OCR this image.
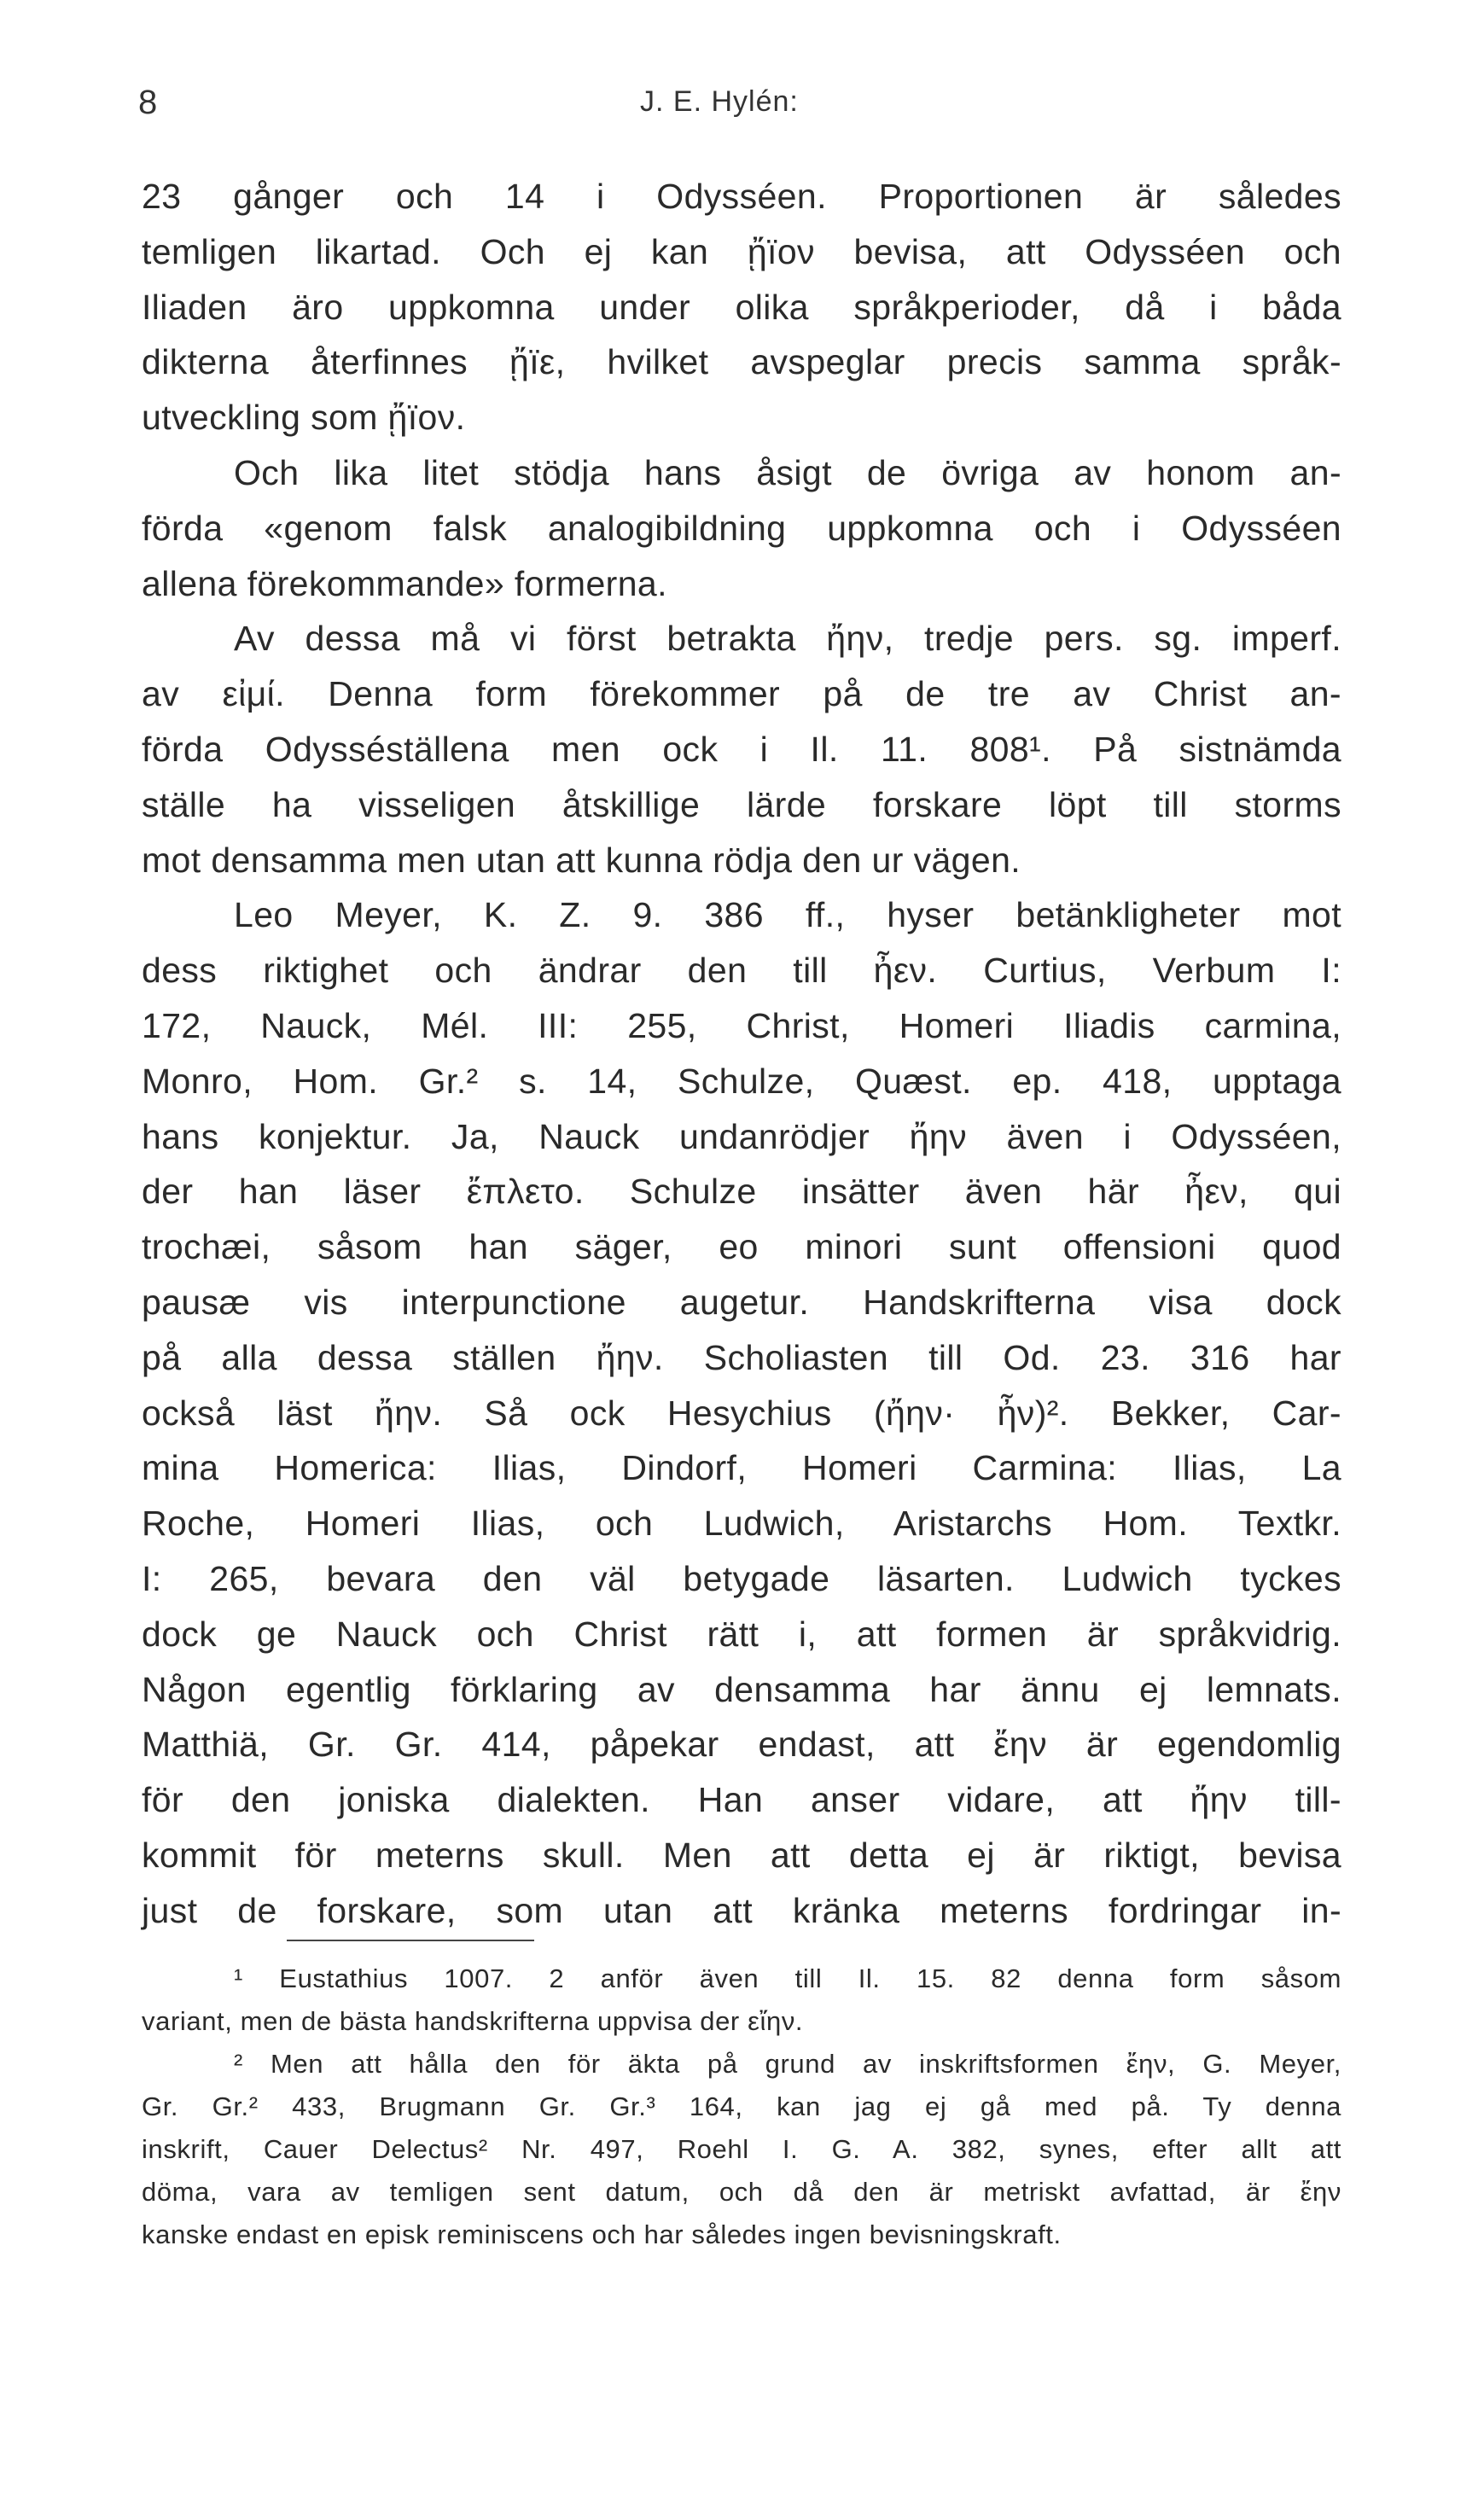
8	J. E. Hylén:
23 gånger och 14 i Odysséen. Proportionen är således
temligen likartad. Och ej kan ᾔïον bevisa, att Odysséen och
Iliaden äro uppkomna under olika språkperioder, då i båda
dikterna återfinnes ᾔïε, hvilket avspeglar precis samma språk-
utveckling som ᾔïον.
Och lika litet stödja hans åsigt de övriga av honom an-
förda «genom falsk analogibildning uppkomna och i Odysséen
allena förekommande» formerna.
Av dessa må vi först betrakta ἤην, tredje pers. sg. imperf.
av εἰμί. Denna form förekommer på de tre av Christ an-
förda Odysséställena men ock i Il. 11. 808¹. På sistnämda
ställe ha visseligen åtskillige lärde forskare löpt till storms
mot densamma men utan att kunna rödja den ur vägen.
Leo Meyer, K. Z. 9. 386 ff., hyser betänkligheter mot
dess riktighet och ändrar den till ἦεν. Curtius, Verbum I:
172, Nauck, Mél. III: 255, Christ, Homeri Iliadis carmina,
Monro, Hom. Gr.² s. 14, Schulze, Quæst. ep. 418, upptaga
hans konjektur. Ja, Nauck undanrödjer ἤην även i Odysséen,
der han läser ἔπλετο. Schulze insätter även här ἦεν, qui
trochæi, såsom han säger, eo minori sunt offensioni quod
pausæ vis interpunctione augetur. Handskrifterna visa dock
på alla dessa ställen ἤην. Scholiasten till Od. 23. 316 har
också läst ἤην. Så ock Hesychius (ἤην· ἦν)². Bekker, Car-
mina Homerica: Ilias, Dindorf, Homeri Carmina: Ilias, La
Roche, Homeri Ilias, och Ludwich, Aristarchs Hom. Textkr.
I: 265, bevara den väl betygade läsarten. Ludwich tyckes
dock ge Nauck och Christ rätt i, att formen är språkvidrig.
Någon egentlig förklaring av densamma har ännu ej lemnats.
Matthiä, Gr. Gr. 414, påpekar endast, att ἔην är egendomlig
för den joniska dialekten. Han anser vidare, att ἤην till-
kommit för meterns skull. Men att detta ej är riktigt, bevisa
just de forskare, som utan att kränka meterns fordringar in-
¹ Eustathius 1007. 2 anför även till Il. 15. 82 denna form såsom
variant, men de bästa handskrifterna uppvisa der εἴην.
² Men att hålla den för äkta på grund av inskriftsformen ἔην, G. Meyer,
Gr. Gr.² 433, Brugmann Gr. Gr.³ 164, kan jag ej gå med på. Ty denna
inskrift, Cauer Delectus² Nr. 497, Roehl I. G. A. 382, synes, efter allt att
döma, vara av temligen sent datum, och då den är metriskt avfattad, är ἔην
kanske endast en episk reminiscens och har således ingen bevisningskraft.
